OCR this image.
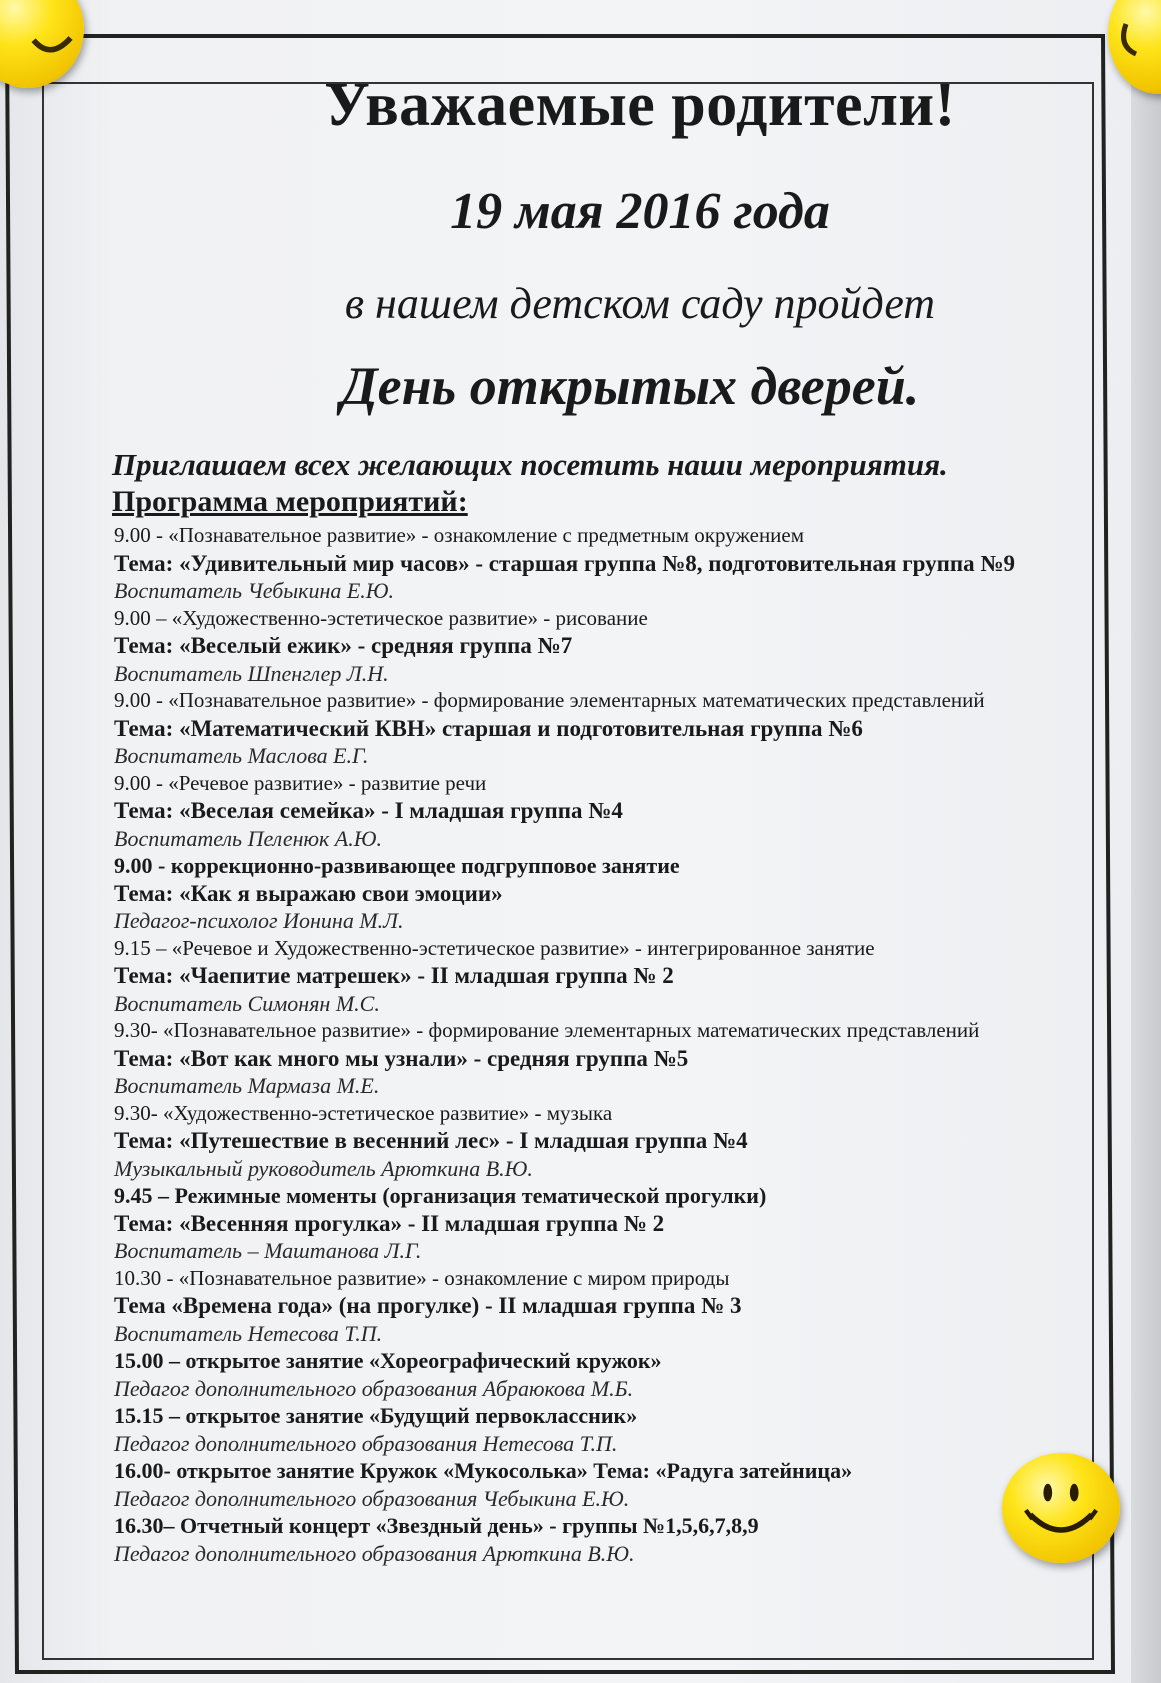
Уважаемые родители!
19 мая 2016 года
в нашем детском саду пройдет
День открытых дверей.
Приглашаем всех желающих посетить наши мероприятия.
Программа мероприятий:
9.00 - «Познавательное развитие» - ознакомление с предметным окружением
Тема: «Удивительный мир часов» - старшая группа №8, подготовительная группа №9
Воспитатель Чебыкина Е.Ю.
9.00 – «Художественно-эстетическое развитие» - рисование
Тема: «Веселый ежик» - средняя группа №7
Воспитатель Шпенглер Л.Н.
9.00 - «Познавательное развитие» - формирование элементарных математических представлений
Тема: «Математический КВН» старшая и подготовительная группа №6
Воспитатель Маслова Е.Г.
9.00 - «Речевое развитие» - развитие речи
Тема: «Веселая семейка» - I младшая группа №4
Воспитатель Пеленюк А.Ю.
9.00 - коррекционно-развивающее подгрупповое занятие
Тема: «Как я выражаю свои эмоции»
Педагог-психолог Ионина М.Л.
9.15 – «Речевое и Художественно-эстетическое развитие» - интегрированное занятие
Тема: «Чаепитие матрешек» - II младшая группа № 2
Воспитатель Симонян М.С.
9.30- «Познавательное развитие» - формирование элементарных математических представлений
Тема: «Вот как много мы узнали» - средняя группа №5
Воспитатель Мармаза М.Е.
9.30- «Художественно-эстетическое развитие» - музыка
Тема: «Путешествие в весенний лес» - I младшая группа №4
Музыкальный руководитель Арюткина В.Ю.
9.45 – Режимные моменты (организация тематической прогулки)
Тема: «Весенняя прогулка» - II младшая группа № 2
Воспитатель – Маштанова Л.Г.
10.30 - «Познавательное развитие» - ознакомление с миром природы
Тема «Времена года» (на прогулке) - II младшая группа № 3
Воспитатель Нетесова Т.П.
15.00 – открытое занятие «Хореографический кружок»
Педагог дополнительного образования Абраюкова М.Б.
15.15 – открытое занятие «Будущий первоклассник»
Педагог дополнительного образования Нетесова Т.П.
16.00- открытое занятие Кружок «Мукосолька» Тема: «Радуга затейница»
Педагог дополнительного образования Чебыкина Е.Ю.
16.30– Отчетный концерт «Звездный день» - группы №1,5,6,7,8,9
Педагог дополнительного образования Арюткина В.Ю.
